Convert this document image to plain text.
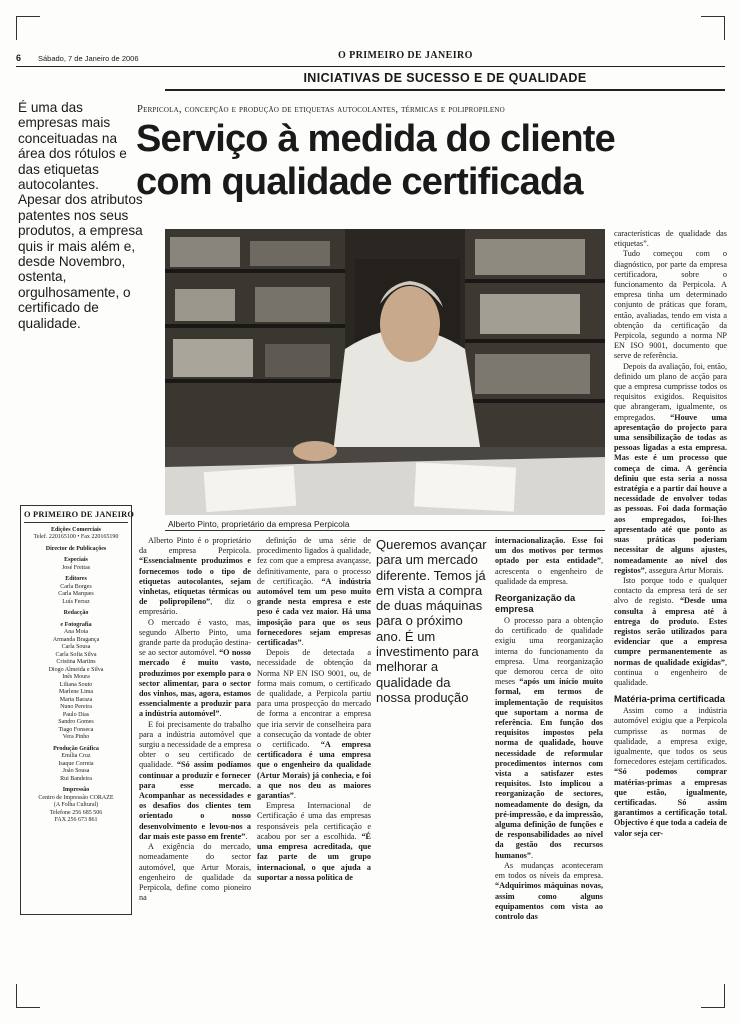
6 Sábado, 7 de Janeiro de 2006	O PRIMEIRO DE JANEIRO
INICIATIVAS DE SUCESSO E DE QUALIDADE
É uma das empresas mais conceituadas na área dos rótulos e das etiquetas autocolantes. Apesar dos atributos patentes nos seus produtos, a empresa quis ir mais além e, desde Novembro, ostenta, orgulhosamente, o certificado de qualidade.
Perpicola, concepção e produção de etiquetas autocolantes, térmicas e polipropileno
Serviço à medida do cliente
com qualidade certificada
Alberto Pinto, proprietário da empresa Perpicola

Alberto Pinto é o proprietário da empresa Perpicola. “Essencialmente produzimos e fornecemos todo o tipo de etiquetas autocolantes, sejam vinhetas, etiquetas térmicas ou de polipropileno”, diz o empresário.

O mercado é vasto, mas, segundo Alberto Pinto, uma grande parte da produção destina-se ao sector automóvel. “O nosso mercado é muito vasto, produzimos por exemplo para o sector alimentar, para o sector dos vinhos, mas, agora, estamos essencialmente a produzir para a indústria automóvel”.

E foi precisamente do trabalho para a indústria automóvel que surgiu a necessidade de a empresa obter o seu certificado de qualidade. “Só assim podíamos continuar a produzir e fornecer para esse mercado. Acompanhar as necessidades e os desafios dos clientes tem orientado o nosso desenvolvimento e levou-nos a dar mais este passo em frente”.

A exigência do mercado, nomeadamente do sector automóvel, que Artur Morais, engenheiro de qualidade da Perpicola, define como pioneiro na

definição de uma série de procedimento ligados à qualidade, fez com que a empresa avançasse, definitivamente, para o processo de certificação. “A indústria automóvel tem um peso muito grande nesta empresa e este peso é cada vez maior. Há uma imposição para que os seus fornecedores sejam empresas certificadas”.

Depois de detectada a necessidade de obtenção da Norma NP EN ISO 9001, ou, de forma mais comum, o certificado de qualidade, a Perpicola partiu para uma prospecção do mercado de forma a encontrar a empresa que iria servir de conselheira para a consecução da vontade de obter o certificado. “A empresa certificadora é uma empresa que o engenheiro da qualidade (Artur Morais) já conhecia, e foi a que nos deu as maiores garantias”.

Empresa Internacional de Certificação é uma das empresas responsáveis pela certificação e acabou por ser a escolhida. “É uma empresa acreditada, que faz parte de um grupo internacional, o que ajuda a suportar a nossa política de

Queremos avançar para um mercado diferente. Temos já em vista a compra de duas máquinas para o próximo ano. É um investimento para melhorar a qualidade da nossa produção

internacionalização. Esse foi um dos motivos por termos optado por esta entidade”, acrescenta o engenheiro de qualidade da empresa.

Reorganização da empresa

O processo para a obtenção do certificado de qualidade exigiu uma reorganização interna do funcionamento da empresa. Uma reorganização que demorou cerca de oito meses “após um início muito formal, em termos de implementação de requisitos que suportam a norma de referência. Em função dos requisitos impostos pela norma de qualidade, houve necessidade de reformular procedimentos internos com vista a satisfazer estes requisitos. Isto implicou a reorganização de sectores, nomeadamente do design, da pré-impressão, e da impressão, alguma definição de funções e de responsabilidades ao nível da gestão dos recursos humanos”.

As mudanças aconteceram em todos os níveis da empresa. “Adquirimos máquinas novas, assim como alguns equipamentos com vista ao controlo das

características de qualidade das etiquetas”.

Tudo começou com o diagnóstico, por parte da empresa certificadora, sobre o funcionamento da Perpicola. A empresa tinha um determinado conjunto de práticas que foram, então, avaliadas, tendo em vista a obtenção da certificação da Perpicola, segundo a norma NP EN ISO 9001, documento que serve de referência.

Depois da avaliação, foi, então, definido um plano de acção para que a empresa cumprisse todos os requisitos exigidos. Requisitos que abrangeram, igualmente, os empregados. “Houve uma apresentação do projecto para uma sensibilização de todas as pessoas ligadas a esta empresa. Mas este é um processo que começa de cima. A gerência definiu que esta seria a nossa estratégia e a partir daí houve a necessidade de envolver todas as pessoas. Foi dada formação aos empregados, foi-lhes apresentado até que ponto as suas práticas poderiam necessitar de alguns ajustes, nomeadamente ao nível dos registos”, assegura Artur Morais.

Isto porque todo e qualquer contacto da empresa terá de ser alvo de registo. “Desde uma consulta à empresa até à entrega do produto. Estes registos serão utilizados para evidenciar que a empresa cumpre permanentemente as normas de qualidade exigidas”, continua o engenheiro de qualidade.

Matéria-prima certificada

Assim como a indústria automóvel exigiu que a Perpicola cumprisse as normas de qualidade, a empresa exige, igualmente, que todos os seus fornecedores estejam certificados. “Só podemos comprar matérias-primas a empresas que estão, igualmente, certificadas. Só assim garantimos a certificação total. Objectivo é que toda a cadeia de valor seja cer-

O PRIMEIRO DE JANEIRO
Edições Comerciais
Telef. 220165100 • Fax 220165190
Director de Publicações
Especiais
José Freitas
Editores
Carla Borges
Carla Marques
Luís Ferraz
Redacção
e Fotografia
Ana Mota
Armanda Bragança
Carla Sousa
Carla Sofia Silva
Cristina Martins
Diogo Almeida e Silva
Inês Moura
Liliana Souto
Marlene Lima
Marta Baraza
Nuno Pereira
Paulo Dias
Sandro Gomes
Tiago Fonseca
Vera Pinho
Produção Gráfica
Emília Cruz
Isaque Correia
João Sousa
Rui Bandeira
Impressão
Centro de Impressão CORAZE
(A Folha Cultural)
Telefone 256 685 506
FAX 256 673 861
